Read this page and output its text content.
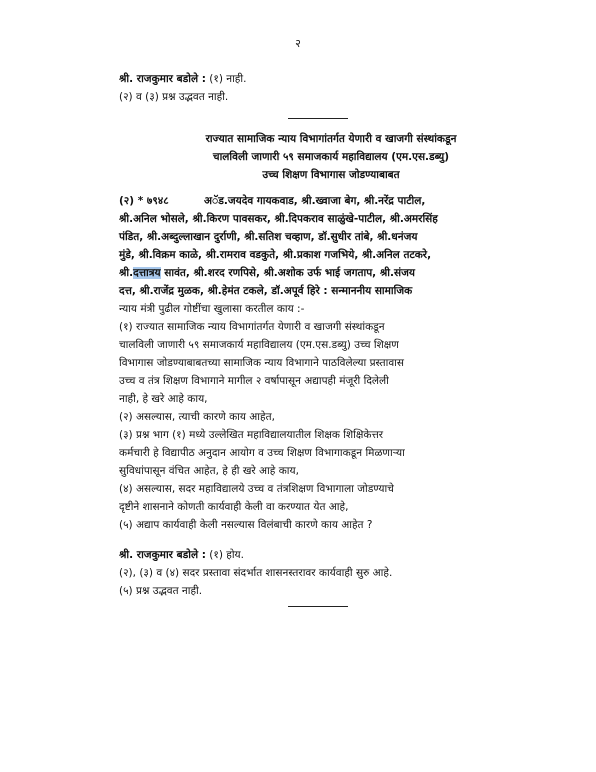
२
श्री. राजकुमार बडोले : (१) नाही.
(२) व (३) प्रश्न उद्भवत नाही.
राज्यात सामाजिक न्याय विभागांतर्गत येणारी व खाजगी संस्थांकडून
चालविली जाणारी ५९ समाजकार्य महाविद्यालय (एम.एस.डब्यु)
उच्च शिक्षण विभागास जोडण्याबाबत
(२) * ७९४८	अॅड.जयदेव गायकवाड, श्री.ख्वाजा बेग, श्री.नरेंद्र पाटील,
श्री.अनिल भोसले, श्री.किरण पावसकर, श्री.दिपकराव साळुंखे-पाटील, श्री.अमरसिंह
पंडित, श्री.अब्दुल्लाखान दुर्राणी, श्री.सतिश चव्हाण, डॉ.सुधीर तांबे, श्री.धनंजय
मुंडे, श्री.विक्रम काळे, श्री.रामराव वडकुते, श्री.प्रकाश गजभिये, श्री.अनिल तटकरे,
श्री.दत्तात्रय सावंत, श्री.शरद रणपिसे, श्री.अशोक उर्फ भाई जगताप, श्री.संजय
दत्त, श्री.राजेंद्र मुळक, श्री.हेमंत टकले, डॉ.अपूर्व हिरे : सन्माननीय सामाजिक
न्याय मंत्री पुढील गोष्टींचा खुलासा करतील काय :-
(१) राज्यात सामाजिक न्याय विभागांतर्गत येणारी व खाजगी संस्थांकडून
चालविली जाणारी ५९ समाजकार्य महाविद्यालय (एम.एस.डब्यु) उच्च शिक्षण
विभागास जोडण्याबाबतच्या सामाजिक न्याय विभागाने पाठविलेल्या प्रस्तावास
उच्च व तंत्र शिक्षण विभागाने मागील २ वर्षापासून अद्यापही मंजूरी दिलेली
नाही, हे खरे आहे काय,
(२) असल्यास, त्याची कारणे काय आहेत,
(३) प्रश्न भाग (१) मध्ये उल्लेखित महाविद्यालयातील शिक्षक शिक्षिकेत्तर
कर्मचारी हे विद्यापीठ अनुदान आयोग व उच्च शिक्षण विभागाकडून मिळणाऱ्या
सुविधांपासून वंचित आहेत, हे ही खरे आहे काय,
(४) असल्यास, सदर महाविद्यालये उच्च व तंत्रशिक्षण विभागाला जोडण्याचे
दृष्टीने शासनाने कोणती कार्यवाही केली वा करण्यात येत आहे,
(५) अद्याप कार्यवाही केली नसल्यास विलंबाची कारणे काय आहेत ?
श्री. राजकुमार बडोले : (१) होय.
(२), (३) व (४) सदर प्रस्तावा संदर्भात शासनस्तरावर कार्यवाही सुरु आहे.
(५) प्रश्न उद्भवत नाही.
